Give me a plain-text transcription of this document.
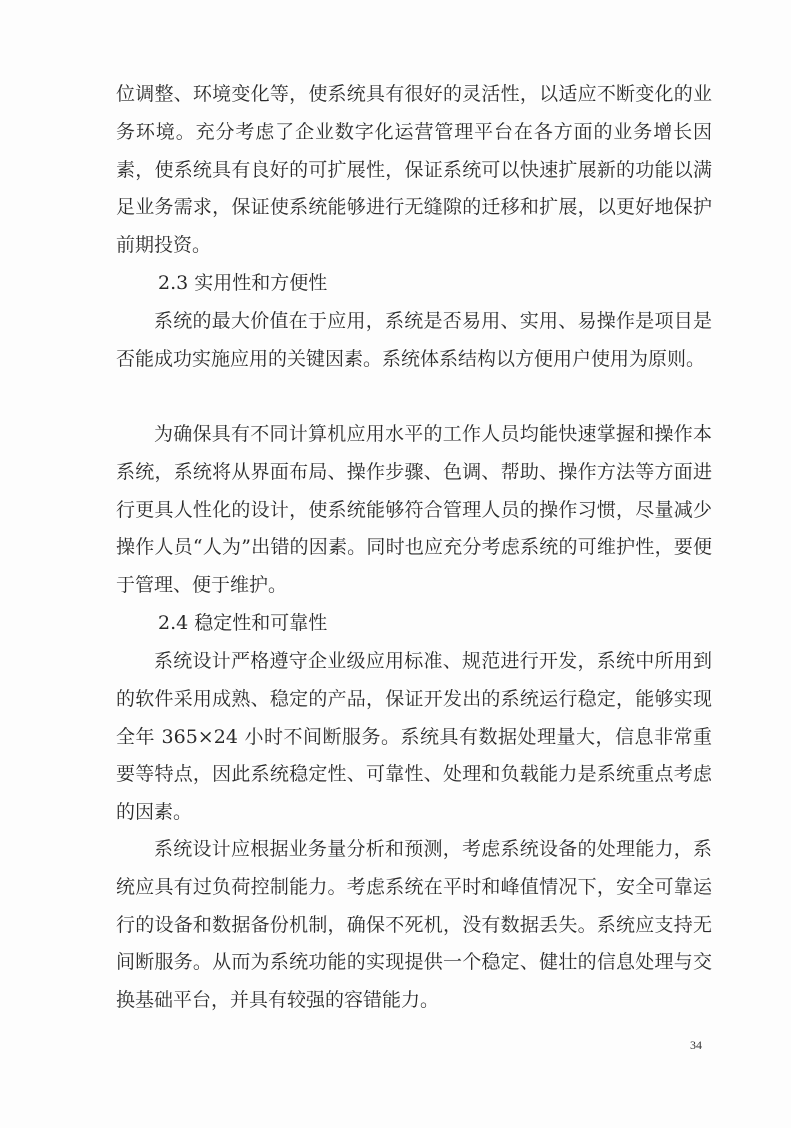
位调整、环境变化等，使系统具有很好的灵活性，以适应不断变化的业务环境。充分考虑了企业数字化运营管理平台在各方面的业务增长因素，使系统具有良好的可扩展性，保证系统可以快速扩展新的功能以满足业务需求，保证使系统能够进行无缝隙的迁移和扩展，以更好地保护前期投资。

2.3 实用性和方便性

系统的最大价值在于应用，系统是否易用、实用、易操作是项目是否能成功实施应用的关键因素。系统体系结构以方便用户使用为原则。

为确保具有不同计算机应用水平的工作人员均能快速掌握和操作本系统，系统将从界面布局、操作步骤、色调、帮助、操作方法等方面进行更具人性化的设计，使系统能够符合管理人员的操作习惯，尽量减少操作人员“人为”出错的因素。同时也应充分考虑系统的可维护性，要便于管理、便于维护。

2.4 稳定性和可靠性

系统设计严格遵守企业级应用标准、规范进行开发，系统中所用到的软件采用成熟、稳定的产品，保证开发出的系统运行稳定，能够实现全年 365×24 小时不间断服务。系统具有数据处理量大，信息非常重要等特点，因此系统稳定性、可靠性、处理和负载能力是系统重点考虑的因素。

系统设计应根据业务量分析和预测，考虑系统设备的处理能力，系统应具有过负荷控制能力。考虑系统在平时和峰值情况下，安全可靠运行的设备和数据备份机制，确保不死机，没有数据丢失。系统应支持无间断服务。从而为系统功能的实现提供一个稳定、健壮的信息处理与交换基础平台，并具有较强的容错能力。

34
